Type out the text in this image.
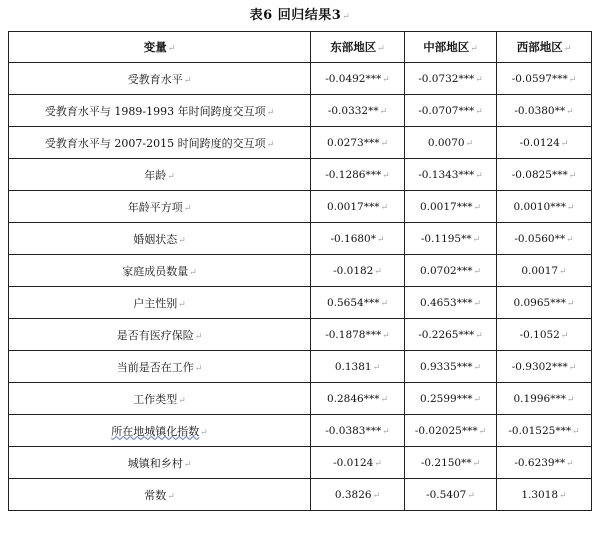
表6 回归结果3↵
变量↵	东部地区↵	中部地区↵	西部地区↵
受教育水平↵	-0.0492***↵	-0.0732***↵	-0.0597***↵
受教育水平与 1989-1993 年时间跨度交互项↵	-0.0332**↵	-0.0707***↵	-0.0380**↵
受教育水平与 2007-2015 时间跨度的交互项↵	0.0273***↵	0.0070↵	-0.0124↵
年龄↵	-0.1286***↵	-0.1343***↵	-0.0825***↵
年龄平方项↵	0.0017***↵	0.0017***↵	0.0010***↵
婚姻状态↵	-0.1680*↵	-0.1195**↵	-0.0560**↵
家庭成员数量↵	-0.0182↵	0.0702***↵	0.0017↵
户主性别↵	0.5654***↵	0.4653***↵	0.0965***↵
是否有医疗保险↵	-0.1878***↵	-0.2265***↵	-0.1052↵
当前是否在工作↵	0.1381↵	0.9335***↵	-0.9302***↵
工作类型↵	0.2846***↵	0.2599***↵	0.1996***↵
所在地城镇化指数↵	-0.0383***↵	-0.02025***↵	-0.01525***↵
城镇和乡村↵	-0.0124↵	-0.2150**↵	-0.6239**↵
常数↵	0.3826↵	-0.5407↵	1.3018↵
